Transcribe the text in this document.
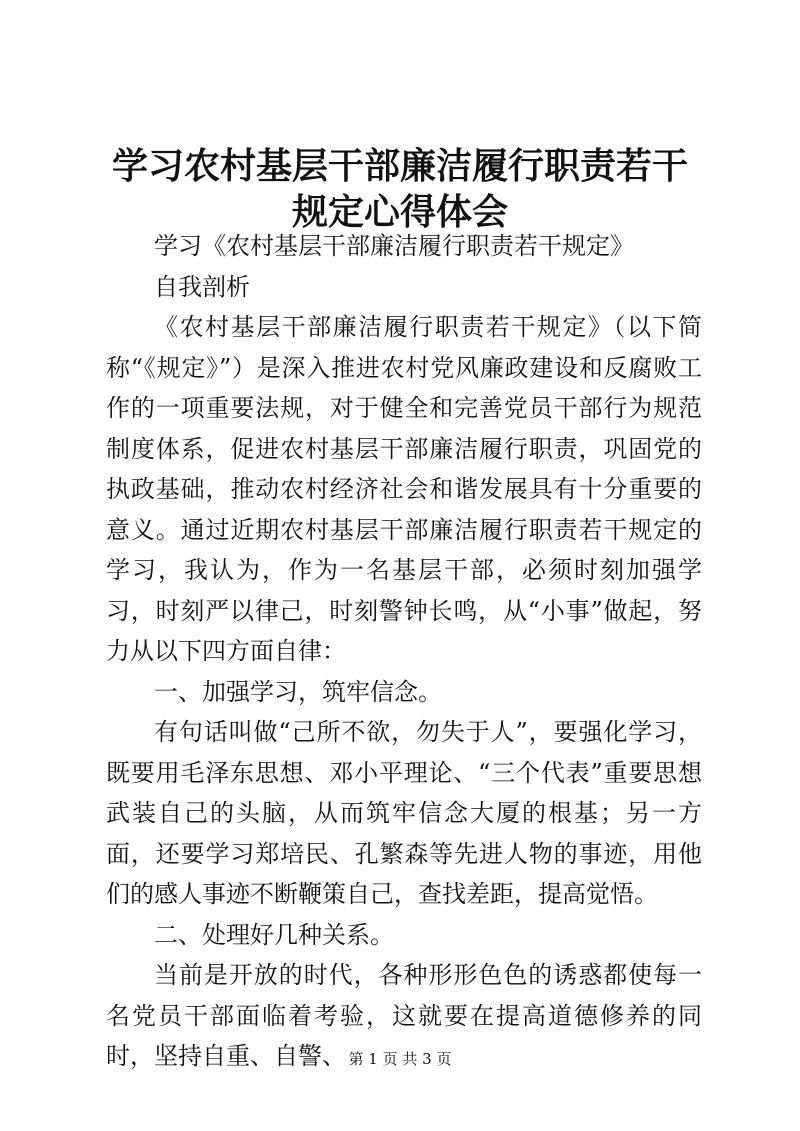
学习农村基层干部廉洁履行职责若干规定心得体会

学习《农村基层干部廉洁履行职责若干规定》

自我剖析

《农村基层干部廉洁履行职责若干规定》（以下简称“《规定》”）是深入推进农村党风廉政建设和反腐败工作的一项重要法规，对于健全和完善党员干部行为规范制度体系，促进农村基层干部廉洁履行职责，巩固党的执政基础，推动农村经济社会和谐发展具有十分重要的意义。通过近期农村基层干部廉洁履行职责若干规定的学习，我认为，作为一名基层干部，必须时刻加强学习，时刻严以律己，时刻警钟长鸣，从“小事”做起，努力从以下四方面自律：

一、加强学习，筑牢信念。

有句话叫做“己所不欲，勿失于人”，要强化学习，既要用毛泽东思想、邓小平理论、“三个代表”重要思想武装自己的头脑，从而筑牢信念大厦的根基；另一方面，还要学习郑培民、孔繁森等先进人物的事迹，用他们的感人事迹不断鞭策自己，查找差距，提高觉悟。

二、处理好几种关系。

当前是开放的时代，各种形形色色的诱惑都使每一名党员干部面临着考验，这就要在提高道德修养的同时，坚持自重、自警、 第 1 页 共 3 页
